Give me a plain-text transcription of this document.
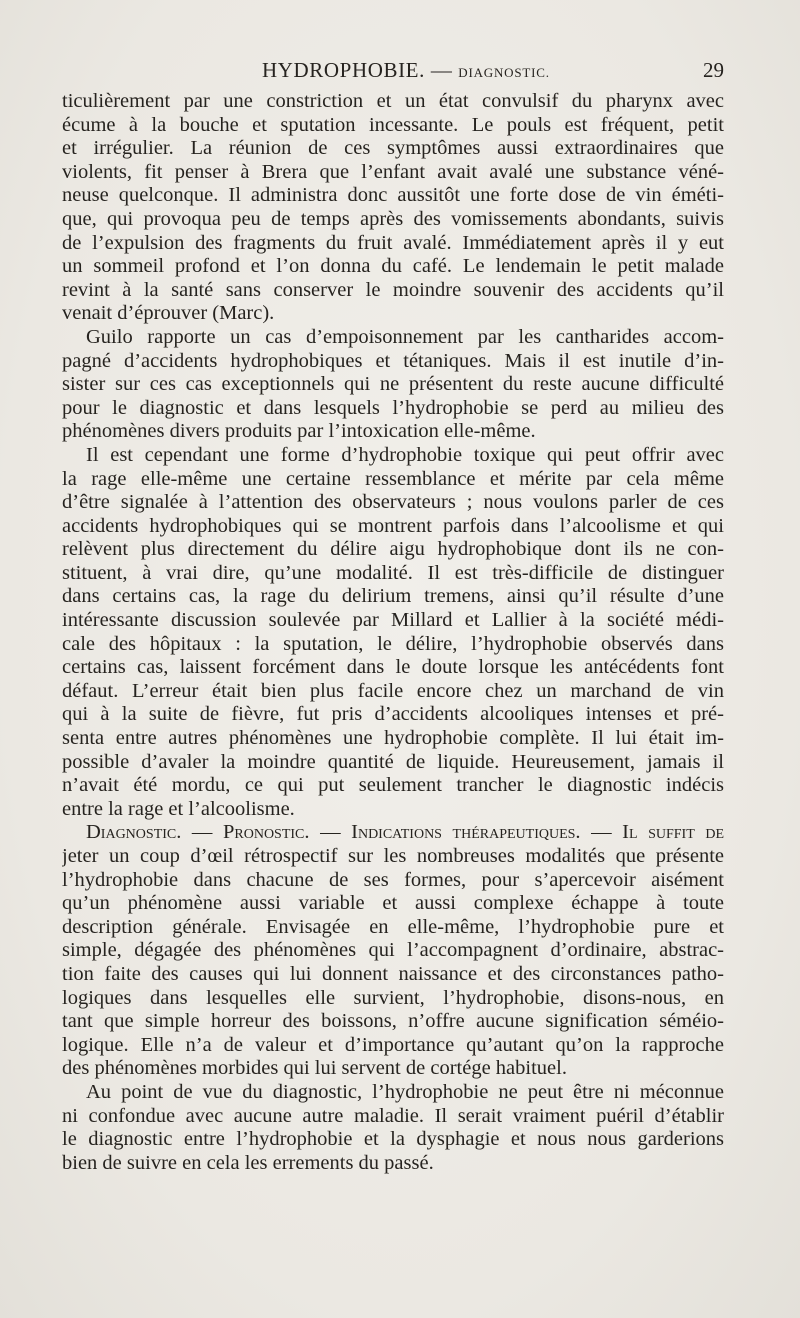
HYDROPHOBIE. — DIAGNOSTIC.	29
ticulièrement par une constriction et un état convulsif du pharynx avec
écume à la bouche et sputation incessante. Le pouls est fréquent, petit
et irrégulier. La réunion de ces symptômes aussi extraordinaires que
violents, fit penser à Brera que l’enfant avait avalé une substance véné-
neuse quelconque. Il administra donc aussitôt une forte dose de vin éméti-
que, qui provoqua peu de temps après des vomissements abondants, suivis
de l’expulsion des fragments du fruit avalé. Immédiatement après il y eut
un sommeil profond et l’on donna du café. Le lendemain le petit malade
revint à la santé sans conserver le moindre souvenir des accidents qu’il
venait d’éprouver (Marc).
Guilo rapporte un cas d’empoisonnement par les cantharides accom-
pagné d’accidents hydrophobiques et tétaniques. Mais il est inutile d’in-
sister sur ces cas exceptionnels qui ne présentent du reste aucune difficulté
pour le diagnostic et dans lesquels l’hydrophobie se perd au milieu des
phénomènes divers produits par l’intoxication elle-même.
Il est cependant une forme d’hydrophobie toxique qui peut offrir avec
la rage elle-même une certaine ressemblance et mérite par cela même
d’être signalée à l’attention des observateurs ; nous voulons parler de ces
accidents hydrophobiques qui se montrent parfois dans l’alcoolisme et qui
relèvent plus directement du délire aigu hydrophobique dont ils ne con-
stituent, à vrai dire, qu’une modalité. Il est très-difficile de distinguer
dans certains cas, la rage du delirium tremens, ainsi qu’il résulte d’une
intéressante discussion soulevée par Millard et Lallier à la société médi-
cale des hôpitaux : la sputation, le délire, l’hydrophobie observés dans
certains cas, laissent forcément dans le doute lorsque les antécédents font
défaut. L’erreur était bien plus facile encore chez un marchand de vin
qui à la suite de fièvre, fut pris d’accidents alcooliques intenses et pré-
senta entre autres phénomènes une hydrophobie complète. Il lui était im-
possible d’avaler la moindre quantité de liquide. Heureusement, jamais il
n’avait été mordu, ce qui put seulement trancher le diagnostic indécis
entre la rage et l’alcoolisme.
Diagnostic. — Pronostic. — Indications thérapeutiques. — Il suffit de
jeter un coup d’œil rétrospectif sur les nombreuses modalités que présente
l’hydrophobie dans chacune de ses formes, pour s’apercevoir aisément
qu’un phénomène aussi variable et aussi complexe échappe à toute
description générale. Envisagée en elle-même, l’hydrophobie pure et
simple, dégagée des phénomènes qui l’accompagnent d’ordinaire, abstrac-
tion faite des causes qui lui donnent naissance et des circonstances patho-
logiques dans lesquelles elle survient, l’hydrophobie, disons-nous, en
tant que simple horreur des boissons, n’offre aucune signification séméio-
logique. Elle n’a de valeur et d’importance qu’autant qu’on la rapproche
des phénomènes morbides qui lui servent de cortége habituel.
Au point de vue du diagnostic, l’hydrophobie ne peut être ni méconnue
ni confondue avec aucune autre maladie. Il serait vraiment puéril d’établir
le diagnostic entre l’hydrophobie et la dysphagie et nous nous garderions
bien de suivre en cela les errements du passé.
